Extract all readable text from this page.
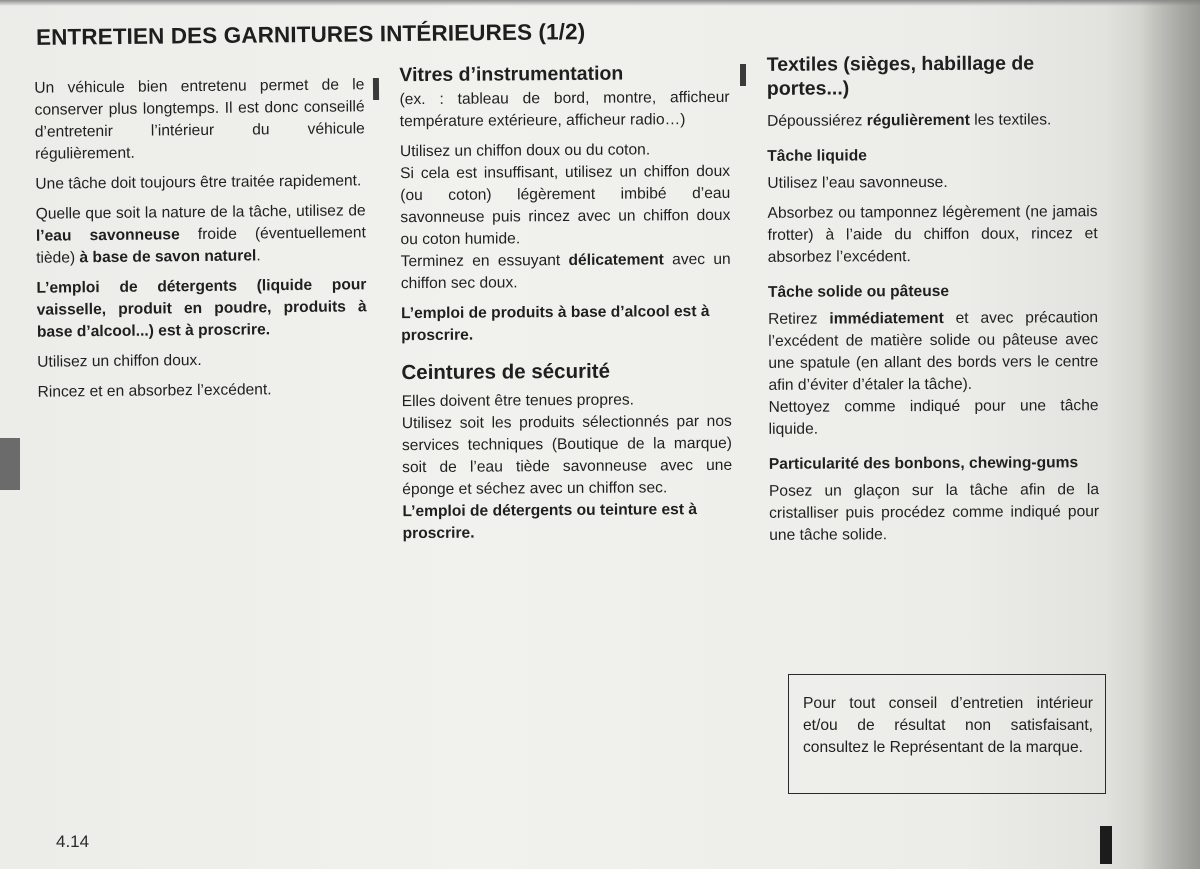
ENTRETIEN DES GARNITURES INTÉRIEURES (1/2)

Un véhicule bien entretenu permet de le conserver plus longtemps. Il est donc conseillé d’entretenir l’intérieur du véhicule régulièrement.

Une tâche doit toujours être traitée rapidement.

Quelle que soit la nature de la tâche, utilisez de l’eau savonneuse froide (éventuellement tiède) à base de savon naturel.

L’emploi de détergents (liquide pour vaisselle, produit en poudre, produits à base d’alcool...) est à proscrire.

Utilisez un chiffon doux.

Rincez et en absorbez l’excédent.

Vitres d’instrumentation

(ex. : tableau de bord, montre, afficheur température extérieure, afficheur radio…)

Utilisez un chiffon doux ou du coton.

Si cela est insuffisant, utilisez un chiffon doux (ou coton) légèrement imbibé d’eau savonneuse puis rincez avec un chiffon doux ou coton humide.

Terminez en essuyant délicatement avec un chiffon sec doux.

L’emploi de produits à base d’alcool est à proscrire.

Ceintures de sécurité

Elles doivent être tenues propres.

Utilisez soit les produits sélectionnés par nos services techniques (Boutique de la marque) soit de l’eau tiède savonneuse avec une éponge et séchez avec un chiffon sec.

L’emploi de détergents ou teinture est à proscrire.

Textiles (sièges, habillage de portes...)

Dépoussiérez régulièrement les textiles.

Tâche liquide

Utilisez l’eau savonneuse.

Absorbez ou tamponnez légèrement (ne jamais frotter) à l’aide du chiffon doux, rincez et absorbez l’excédent.

Tâche solide ou pâteuse

Retirez immédiatement et avec précaution l’excédent de matière solide ou pâteuse avec une spatule (en allant des bords vers le centre afin d’éviter d’étaler la tâche).

Nettoyez comme indiqué pour une tâche liquide.

Particularité des bonbons, chewing-gums

Posez un glaçon sur la tâche afin de la cristalliser puis procédez comme indiqué pour une tâche solide.

Pour tout conseil d’entretien intérieur et/ou de résultat non satisfaisant, consultez le Représentant de la marque.
4.14
